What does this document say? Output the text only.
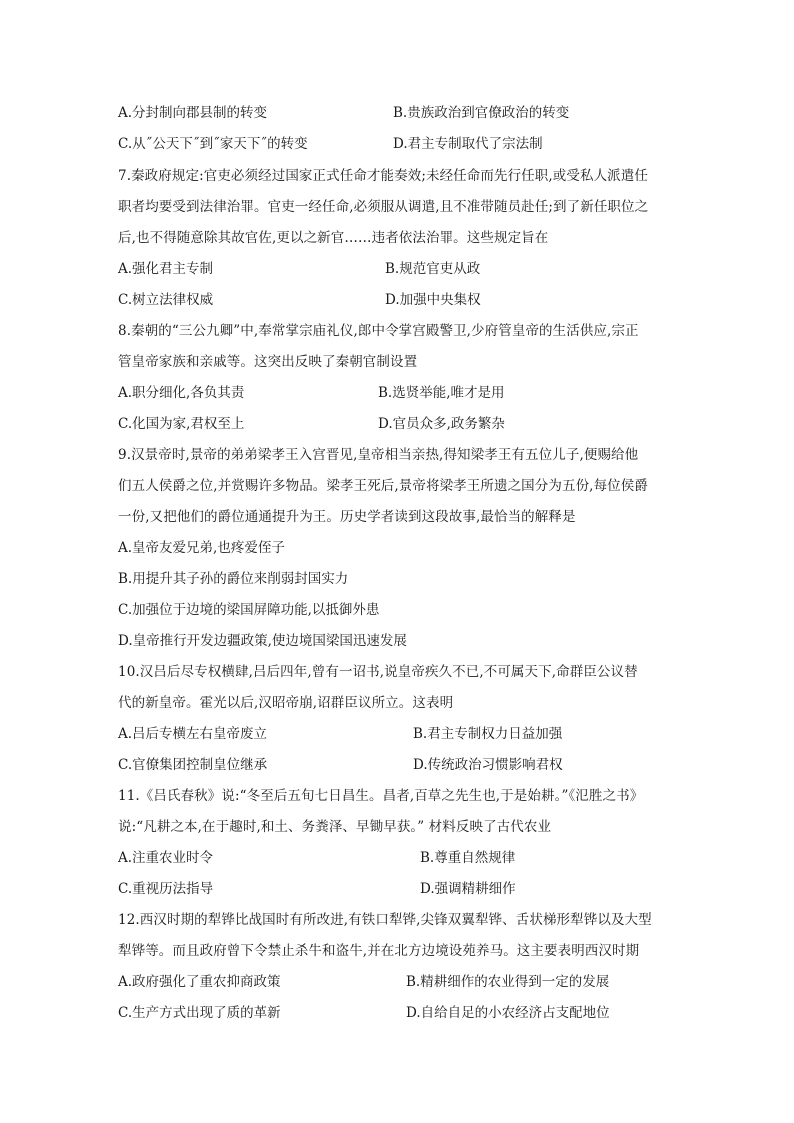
A.分封制向郡县制的转变	B.贵族政治到官僚政治的转变
C.从˝公天下˝到˝家天下˝的转变	D.君主专制取代了宗法制
7.秦政府规定:官吏必须经过国家正式任命才能奏效;未经任命而先行任职,或受私人派遣任
职者均要受到法律治罪。官吏一经任命,必须服从调遣,且不准带随员赴任;到了新任职位之
后,也不得随意除其故官佐,更以之新官……违者依法治罪。这些规定旨在
A.强化君主专制	B.规范官吏从政
C.树立法律权威	D.加强中央集权
8.秦朝的“三公九卿”中,奉常掌宗庙礼仪,郎中令掌宫殿警卫,少府管皇帝的生活供应,宗正
管皇帝家族和亲戚等。这突出反映了秦朝官制设置
A.职分细化,各负其责	B.选贤举能,唯才是用
C.化国为家,君权至上	D.官员众多,政务繁杂
9.汉景帝时,景帝的弟弟梁孝王入宫晋见,皇帝相当亲热,得知梁孝王有五位儿子,便赐给他
们五人侯爵之位,并赏赐许多物品。梁孝王死后,景帝将梁孝王所遗之国分为五份,每位侯爵
一份,又把他们的爵位通通提升为王。历史学者读到这段故事,最恰当的解释是
A.皇帝友爱兄弟,也疼爱侄子
B.用提升其子孙的爵位来削弱封国实力
C.加强位于边境的梁国屏障功能,以抵御外患
D.皇帝推行开发边疆政策,使边境国梁国迅速发展
10.汉吕后尽专权横肆,吕后四年,曾有一诏书,说皇帝疾久不已,不可属天下,命群臣公议替
代的新皇帝。霍光以后,汉昭帝崩,诏群臣议所立。这表明
A.吕后专横左右皇帝废立	B.君主专制权力日益加强
C.官僚集团控制皇位继承	D.传统政治习惯影响君权
11.《吕氏春秋》说:“冬至后五旬七日昌生。昌者,百草之先生也,于是始耕。”《氾胜之书》
说:“凡耕之本,在于趣时,和土、务粪泽、早锄早获。” 材料反映了古代农业
A.注重农业时令	B.尊重自然规律
C.重视历法指导	D.强调精耕细作
12.西汉时期的犁铧比战国时有所改进,有铁口犁铧,尖锋双翼犁铧、舌状梯形犁铧以及大型
犁铧等。而且政府曾下令禁止杀牛和盗牛,并在北方边境设苑养马。这主要表明西汉时期
A.政府强化了重农抑商政策	B.精耕细作的农业得到一定的发展
C.生产方式出现了质的革新	D.自给自足的小农经济占支配地位
